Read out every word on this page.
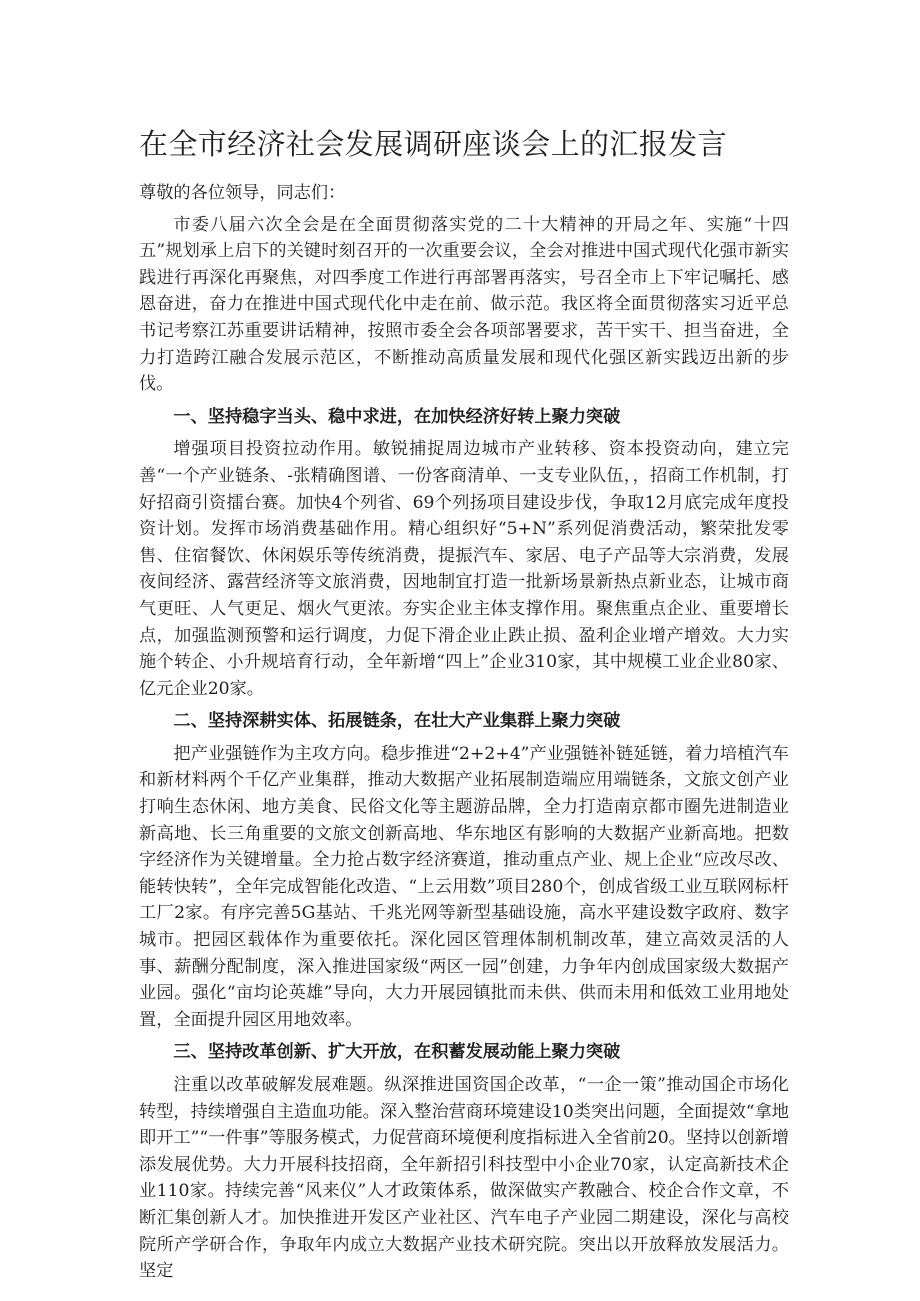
在全市经济社会发展调研座谈会上的汇报发言

尊敬的各位领导，同志们：

市委八届六次全会是在全面贯彻落实党的二十大精神的开局之年、实施“十四五”规划承上启下的关键时刻召开的一次重要会议，全会对推进中国式现代化强市新实践进行再深化再聚焦，对四季度工作进行再部署再落实，号召全市上下牢记嘱托、感恩奋进，奋力在推进中国式现代化中走在前、做示范。我区将全面贯彻落实习近平总书记考察江苏重要讲话精神，按照市委全会各项部署要求，苦干实干、担当奋进，全力打造跨江融合发展示范区，不断推动高质量发展和现代化强区新实践迈出新的步伐。

一、坚持稳字当头、稳中求进，在加快经济好转上聚力突破

增强项目投资拉动作用。敏锐捕捉周边城市产业转移、资本投资动向，建立完善“一个产业链条、-张精确图谱、一份客商清单、一支专业队伍，，招商工作机制，打好招商引资擂台赛。加快4个列省、69个列扬项目建设步伐，争取12月底完成年度投资计划。发挥市场消费基础作用。精心组织好“5+N”系列促消费活动，繁荣批发零售、住宿餐饮、休闲娱乐等传统消费，提振汽车、家居、电子产品等大宗消费，发展夜间经济、露营经济等文旅消费，因地制宜打造一批新场景新热点新业态，让城市商气更旺、人气更足、烟火气更浓。夯实企业主体支撑作用。聚焦重点企业、重要增长点，加强监测预警和运行调度，力促下滑企业止跌止损、盈利企业增产增效。大力实施个转企、小升规培育行动，全年新增“四上”企业310家，其中规模工业企业80家、亿元企业20家。

二、坚持深耕实体、拓展链条，在壮大产业集群上聚力突破

把产业强链作为主攻方向。稳步推进“2+2+4”产业强链补链延链，着力培植汽车和新材料两个千亿产业集群，推动大数据产业拓展制造端应用端链条，文旅文创产业打响生态休闲、地方美食、民俗文化等主题游品牌，全力打造南京都市圈先进制造业新高地、长三角重要的文旅文创新高地、华东地区有影响的大数据产业新高地。把数字经济作为关键增量。全力抢占数字经济赛道，推动重点产业、规上企业“应改尽改、能转快转”，全年完成智能化改造、“上云用数”项目280个，创成省级工业互联网标杆工厂2家。有序完善5G基站、千兆光网等新型基础设施，高水平建设数字政府、数字城市。把园区载体作为重要依托。深化园区管理体制机制改革，建立高效灵活的人事、薪酬分配制度，深入推进国家级“两区一园”创建，力争年内创成国家级大数据产业园。强化“亩均论英雄”导向，大力开展园镇批而未供、供而未用和低效工业用地处置，全面提升园区用地效率。

三、坚持改革创新、扩大开放，在积蓄发展动能上聚力突破

注重以改革破解发展难题。纵深推进国资国企改革，“一企一策”推动国企市场化转型，持续增强自主造血功能。深入整治营商环境建设10类突出问题，全面提效“拿地即开工”“一件事”等服务模式，力促营商环境便利度指标进入全省前20。坚持以创新增添发展优势。大力开展科技招商，全年新招引科技型中小企业70家，认定高新技术企业110家。持续完善“风来仪”人才政策体系，做深做实产教融合、校企合作文章，不断汇集创新人才。加快推进开发区产业社区、汽车电子产业园二期建设，深化与高校院所产学研合作，争取年内成立大数据产业技术研究院。突出以开放释放发展活力。坚定
